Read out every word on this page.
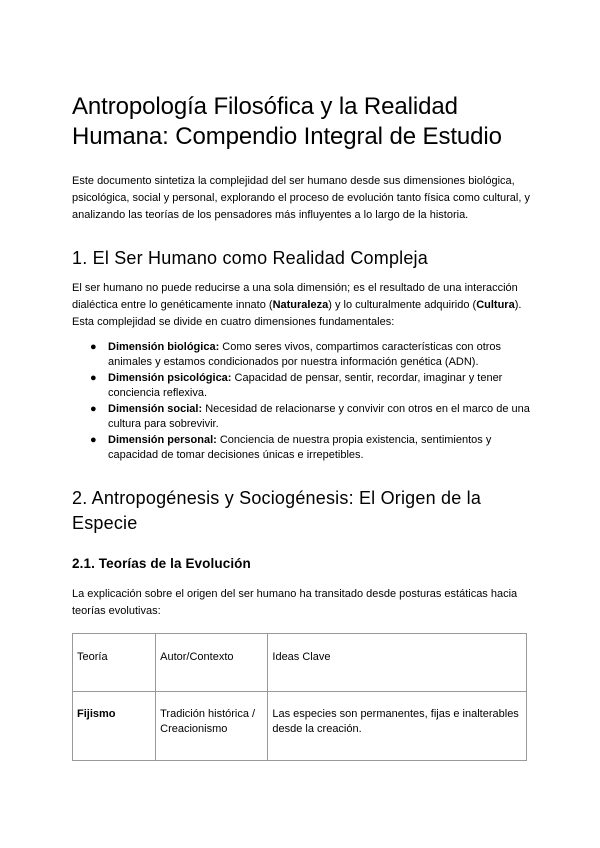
Antropología Filosófica y la Realidad Humana: Compendio Integral de Estudio

Este documento sintetiza la complejidad del ser humano desde sus dimensiones biológica, psicológica, social y personal, explorando el proceso de evolución tanto física como cultural, y analizando las teorías de los pensadores más influyentes a lo largo de la historia.

1. El Ser Humano como Realidad Compleja

El ser humano no puede reducirse a una sola dimensión; es el resultado de una interacción dialéctica entre lo genéticamente innato (Naturaleza) y lo culturalmente adquirido (Cultura). Esta complejidad se divide en cuatro dimensiones fundamentales:

● Dimensión biológica: Como seres vivos, compartimos características con otros animales y estamos condicionados por nuestra información genética (ADN).
● Dimensión psicológica: Capacidad de pensar, sentir, recordar, imaginar y tener conciencia reflexiva.
● Dimensión social: Necesidad de relacionarse y convivir con otros en el marco de una cultura para sobrevivir.
● Dimensión personal: Conciencia de nuestra propia existencia, sentimientos y capacidad de tomar decisiones únicas e irrepetibles.
2. Antropogénesis y Sociogénesis: El Origen de la Especie
2.1. Teorías de la Evolución

La explicación sobre el origen del ser humano ha transitado desde posturas estáticas hacia teorías evolutivas:

Teoría	Autor/Contexto	Ideas Clave
Fijismo	Tradición histórica / Creacionismo	Las especies son permanentes, fijas e inalterables desde la creación.
